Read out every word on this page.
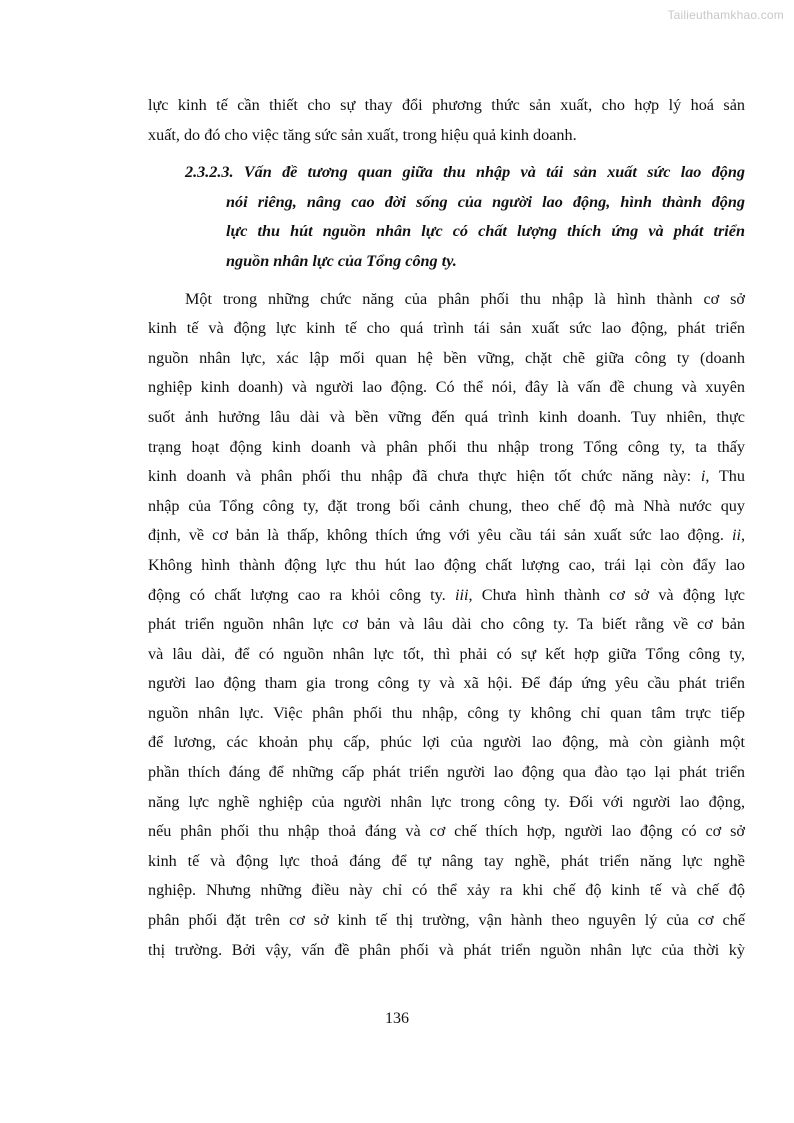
Tailieuthamkhao.com
lực kinh tế cần thiết cho sự thay đổi phương thức sản xuất, cho hợp lý hoá sản
xuất, do đó cho việc tăng sức sản xuất, trong hiệu quả kinh doanh.
2.3.2.3. Vấn đề tương quan giữa thu nhập và tái sản xuất sức lao động
nói riêng, nâng cao đời sống của người lao động, hình thành động
lực thu hút nguồn nhân lực có chất lượng thích ứng và phát triển
nguồn nhân lực của Tổng công ty.
Một trong những chức năng của phân phối thu nhập là hình thành cơ sở
kinh tế và động lực kinh tế cho quá trình tái sản xuất sức lao động, phát triển
nguồn nhân lực, xác lập mối quan hệ bền vững, chặt chẽ giữa công ty (doanh
nghiệp kinh doanh) và người lao động. Có thể nói, đây là vấn đề chung và xuyên
suốt ảnh hưởng lâu dài và bền vững đến quá trình kinh doanh. Tuy nhiên, thực
trạng hoạt động kinh doanh và phân phối thu nhập trong Tổng công ty, ta thấy
kinh doanh và phân phối thu nhập đã chưa thực hiện tốt chức năng này: i, Thu
nhập của Tổng công ty, đặt trong bối cảnh chung, theo chế độ mà Nhà nước quy
định, về cơ bản là thấp, không thích ứng với yêu cầu tái sản xuất sức lao động. ii,
Không hình thành động lực thu hút lao động chất lượng cao, trái lại còn đẩy lao
động có chất lượng cao ra khỏi công ty. iii, Chưa hình thành cơ sở và động lực
phát triển nguồn nhân lực cơ bản và lâu dài cho công ty. Ta biết rằng về cơ bản
và lâu dài, để có nguồn nhân lực tốt, thì phải có sự kết hợp giữa Tổng công ty,
người lao động tham gia trong công ty và xã hội. Để đáp ứng yêu cầu phát triển
nguồn nhân lực. Việc phân phối thu nhập, công ty không chỉ quan tâm trực tiếp
để lương, các khoản phụ cấp, phúc lợi của người lao động, mà còn giành một
phần thích đáng để những cấp phát triển người lao động qua đào tạo lại phát triển
năng lực nghề nghiệp của người nhân lực trong công ty. Đối với người lao động,
nếu phân phối thu nhập thoả đáng và cơ chế thích hợp, người lao động có cơ sở
kinh tế và động lực thoả đáng để tự nâng tay nghề, phát triển năng lực nghề
nghiệp. Nhưng những điều này chỉ có thể xảy ra khi chế độ kinh tế và chế độ
phân phối đặt trên cơ sở kinh tế thị trường, vận hành theo nguyên lý của cơ chế
thị trường. Bởi vậy, vấn đề phân phối và phát triển nguồn nhân lực của thời kỳ
136
